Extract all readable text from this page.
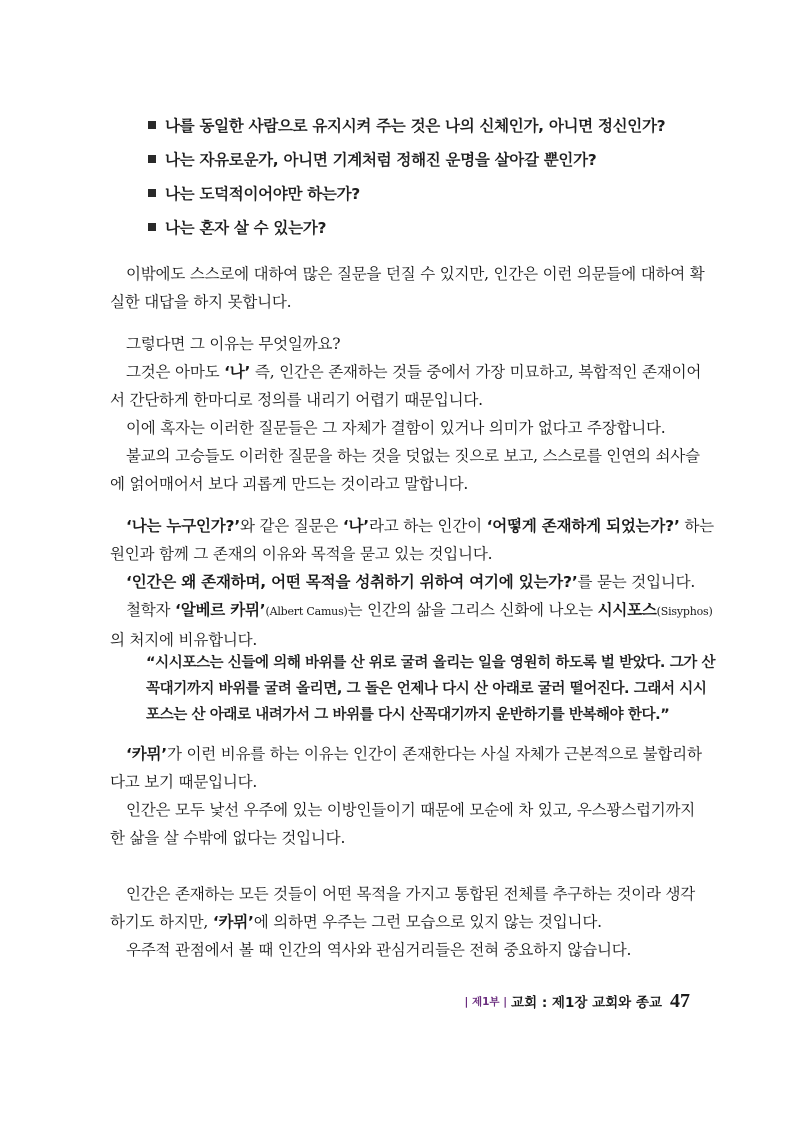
나를 동일한 사람으로 유지시켜 주는 것은 나의 신체인가, 아니면 정신인가?
나는 자유로운가, 아니면 기계처럼 정해진 운명을 살아갈 뿐인가?
나는 도덕적이어야만 하는가?
나는 혼자 살 수 있는가?

이밖에도 스스로에 대하여 많은 질문을 던질 수 있지만, 인간은 이런 의문들에 대하여 확
실한 대답을 하지 못합니다.

그렇다면 그 이유는 무엇일까요?
그것은 아마도 ‘나’ 즉, 인간은 존재하는 것들 중에서 가장 미묘하고, 복합적인 존재이어
서 간단하게 한마디로 정의를 내리기 어렵기 때문입니다.
이에 혹자는 이러한 질문들은 그 자체가 결함이 있거나 의미가 없다고 주장합니다.
불교의 고승들도 이러한 질문을 하는 것을 덧없는 짓으로 보고, 스스로를 인연의 쇠사슬
에 얽어매어서 보다 괴롭게 만드는 것이라고 말합니다.

‘나는 누구인가?’와 같은 질문은 ‘나’라고 하는 인간이 ‘어떻게 존재하게 되었는가?’ 하는
원인과 함께 그 존재의 이유와 목적을 묻고 있는 것입니다.
‘인간은 왜 존재하며, 어떤 목적을 성취하기 위하여 여기에 있는가?’를 묻는 것입니다.
철학자 ‘알베르 카뮈’(Albert Camus)는 인간의 삶을 그리스 신화에 나오는 시시포스(Sisyphos)
의 처지에 비유합니다.

“시시포스는 신들에 의해 바위를 산 위로 굴려 올리는 일을 영원히 하도록 벌 받았다. 그가 산
꼭대기까지 바위를 굴려 올리면, 그 돌은 언제나 다시 산 아래로 굴러 떨어진다. 그래서 시시
포스는 산 아래로 내려가서 그 바위를 다시 산꼭대기까지 운반하기를 반복해야 한다.”

‘카뮈’가 이런 비유를 하는 이유는 인간이 존재한다는 사실 자체가 근본적으로 불합리하
다고 보기 때문입니다.
인간은 모두 낯선 우주에 있는 이방인들이기 때문에 모순에 차 있고, 우스꽝스럽기까지
한 삶을 살 수밖에 없다는 것입니다.

인간은 존재하는 모든 것들이 어떤 목적을 가지고 통합된 전체를 추구하는 것이라 생각
하기도 하지만, ‘카뮈’에 의하면 우주는 그런 모습으로 있지 않는 것입니다.
우주적 관점에서 볼 때 인간의 역사와 관심거리들은 전혀 중요하지 않습니다.

| 제1부 | 교회 : 제1장 교회와 종교 47
